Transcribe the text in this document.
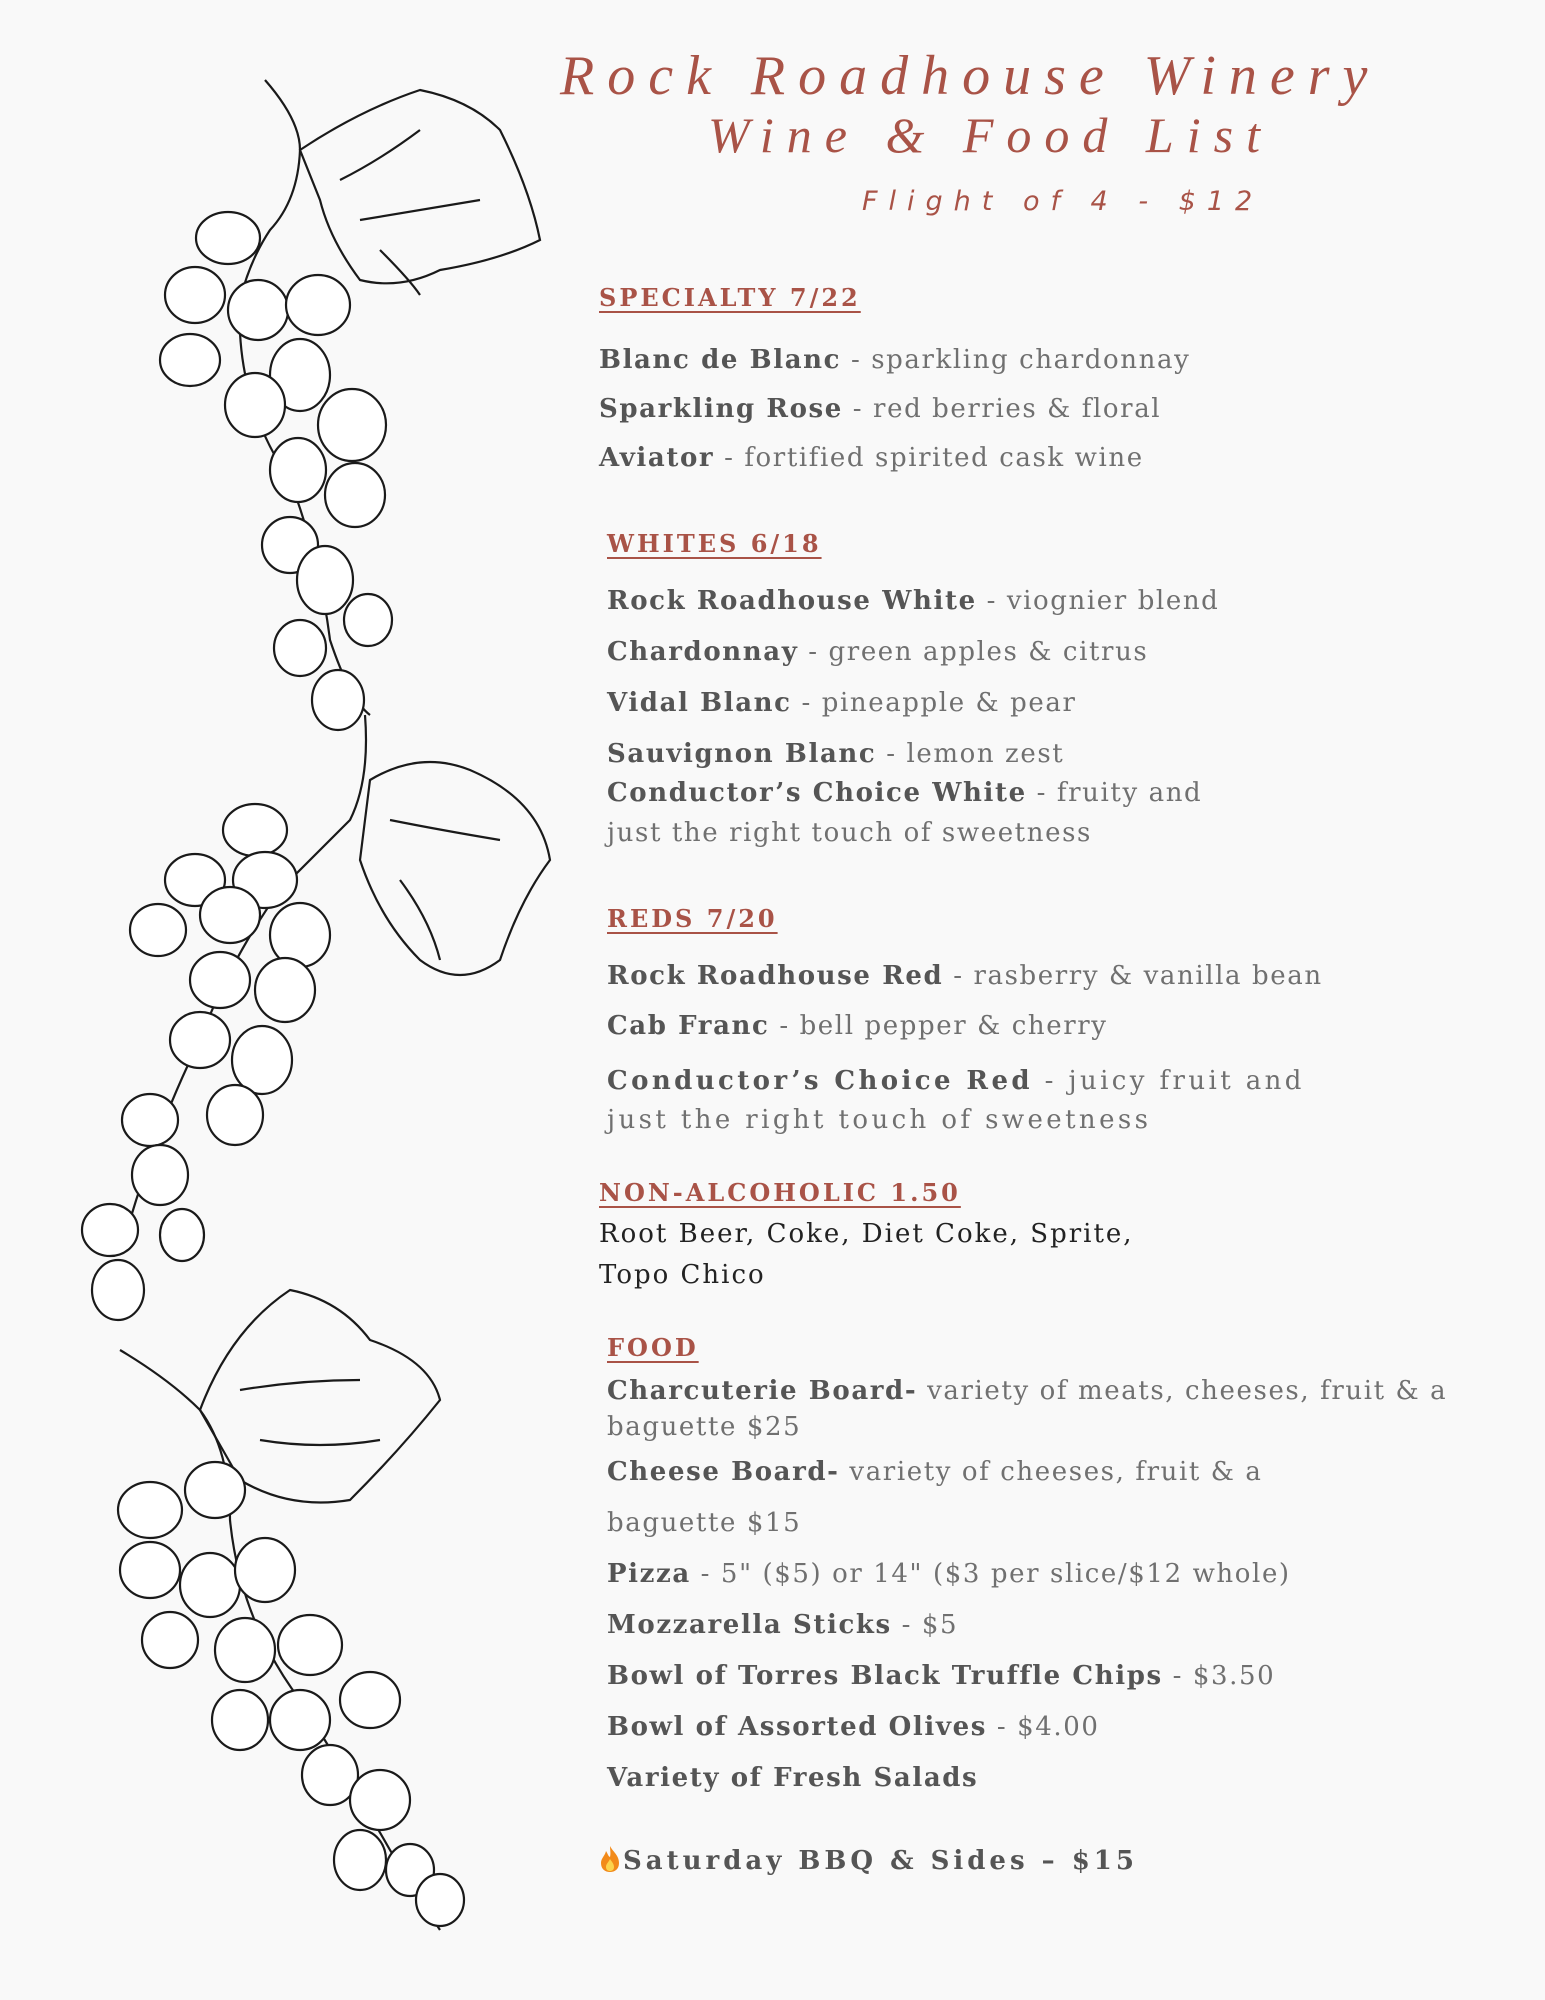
Rock Roadhouse Winery
Wine & Food List
Flight of 4 - $12

SPECIALTY 7/22

Blanc de Blanc - sparkling chardonnay

Sparkling Rose - red berries & floral

Aviator - fortified spirited cask wine

WHITES 6/18

Rock Roadhouse White - viognier blend

Chardonnay - green apples & citrus

Vidal Blanc - pineapple & pear

Sauvignon Blanc - lemon zest

Conductor’s Choice White - fruity and

just the right touch of sweetness

REDS 7/20

Rock Roadhouse Red - rasberry & vanilla bean

Cab Franc - bell pepper & cherry

Conductor’s Choice Red - juicy fruit and

just the right touch of sweetness

NON-ALCOHOLIC 1.50

Root Beer, Coke, Diet Coke, Sprite,

Topo Chico

FOOD

Charcuterie Board- variety of meats, cheeses, fruit & a

baguette $25

Cheese Board- variety of cheeses, fruit & a

baguette $15

Pizza - 5" ($5) or 14" ($3 per slice/$12 whole)

Mozzarella Sticks - $5

Bowl of Torres Black Truffle Chips - $3.50

Bowl of Assorted Olives - $4.00

Variety of Fresh Salads

Saturday BBQ & Sides – $15
